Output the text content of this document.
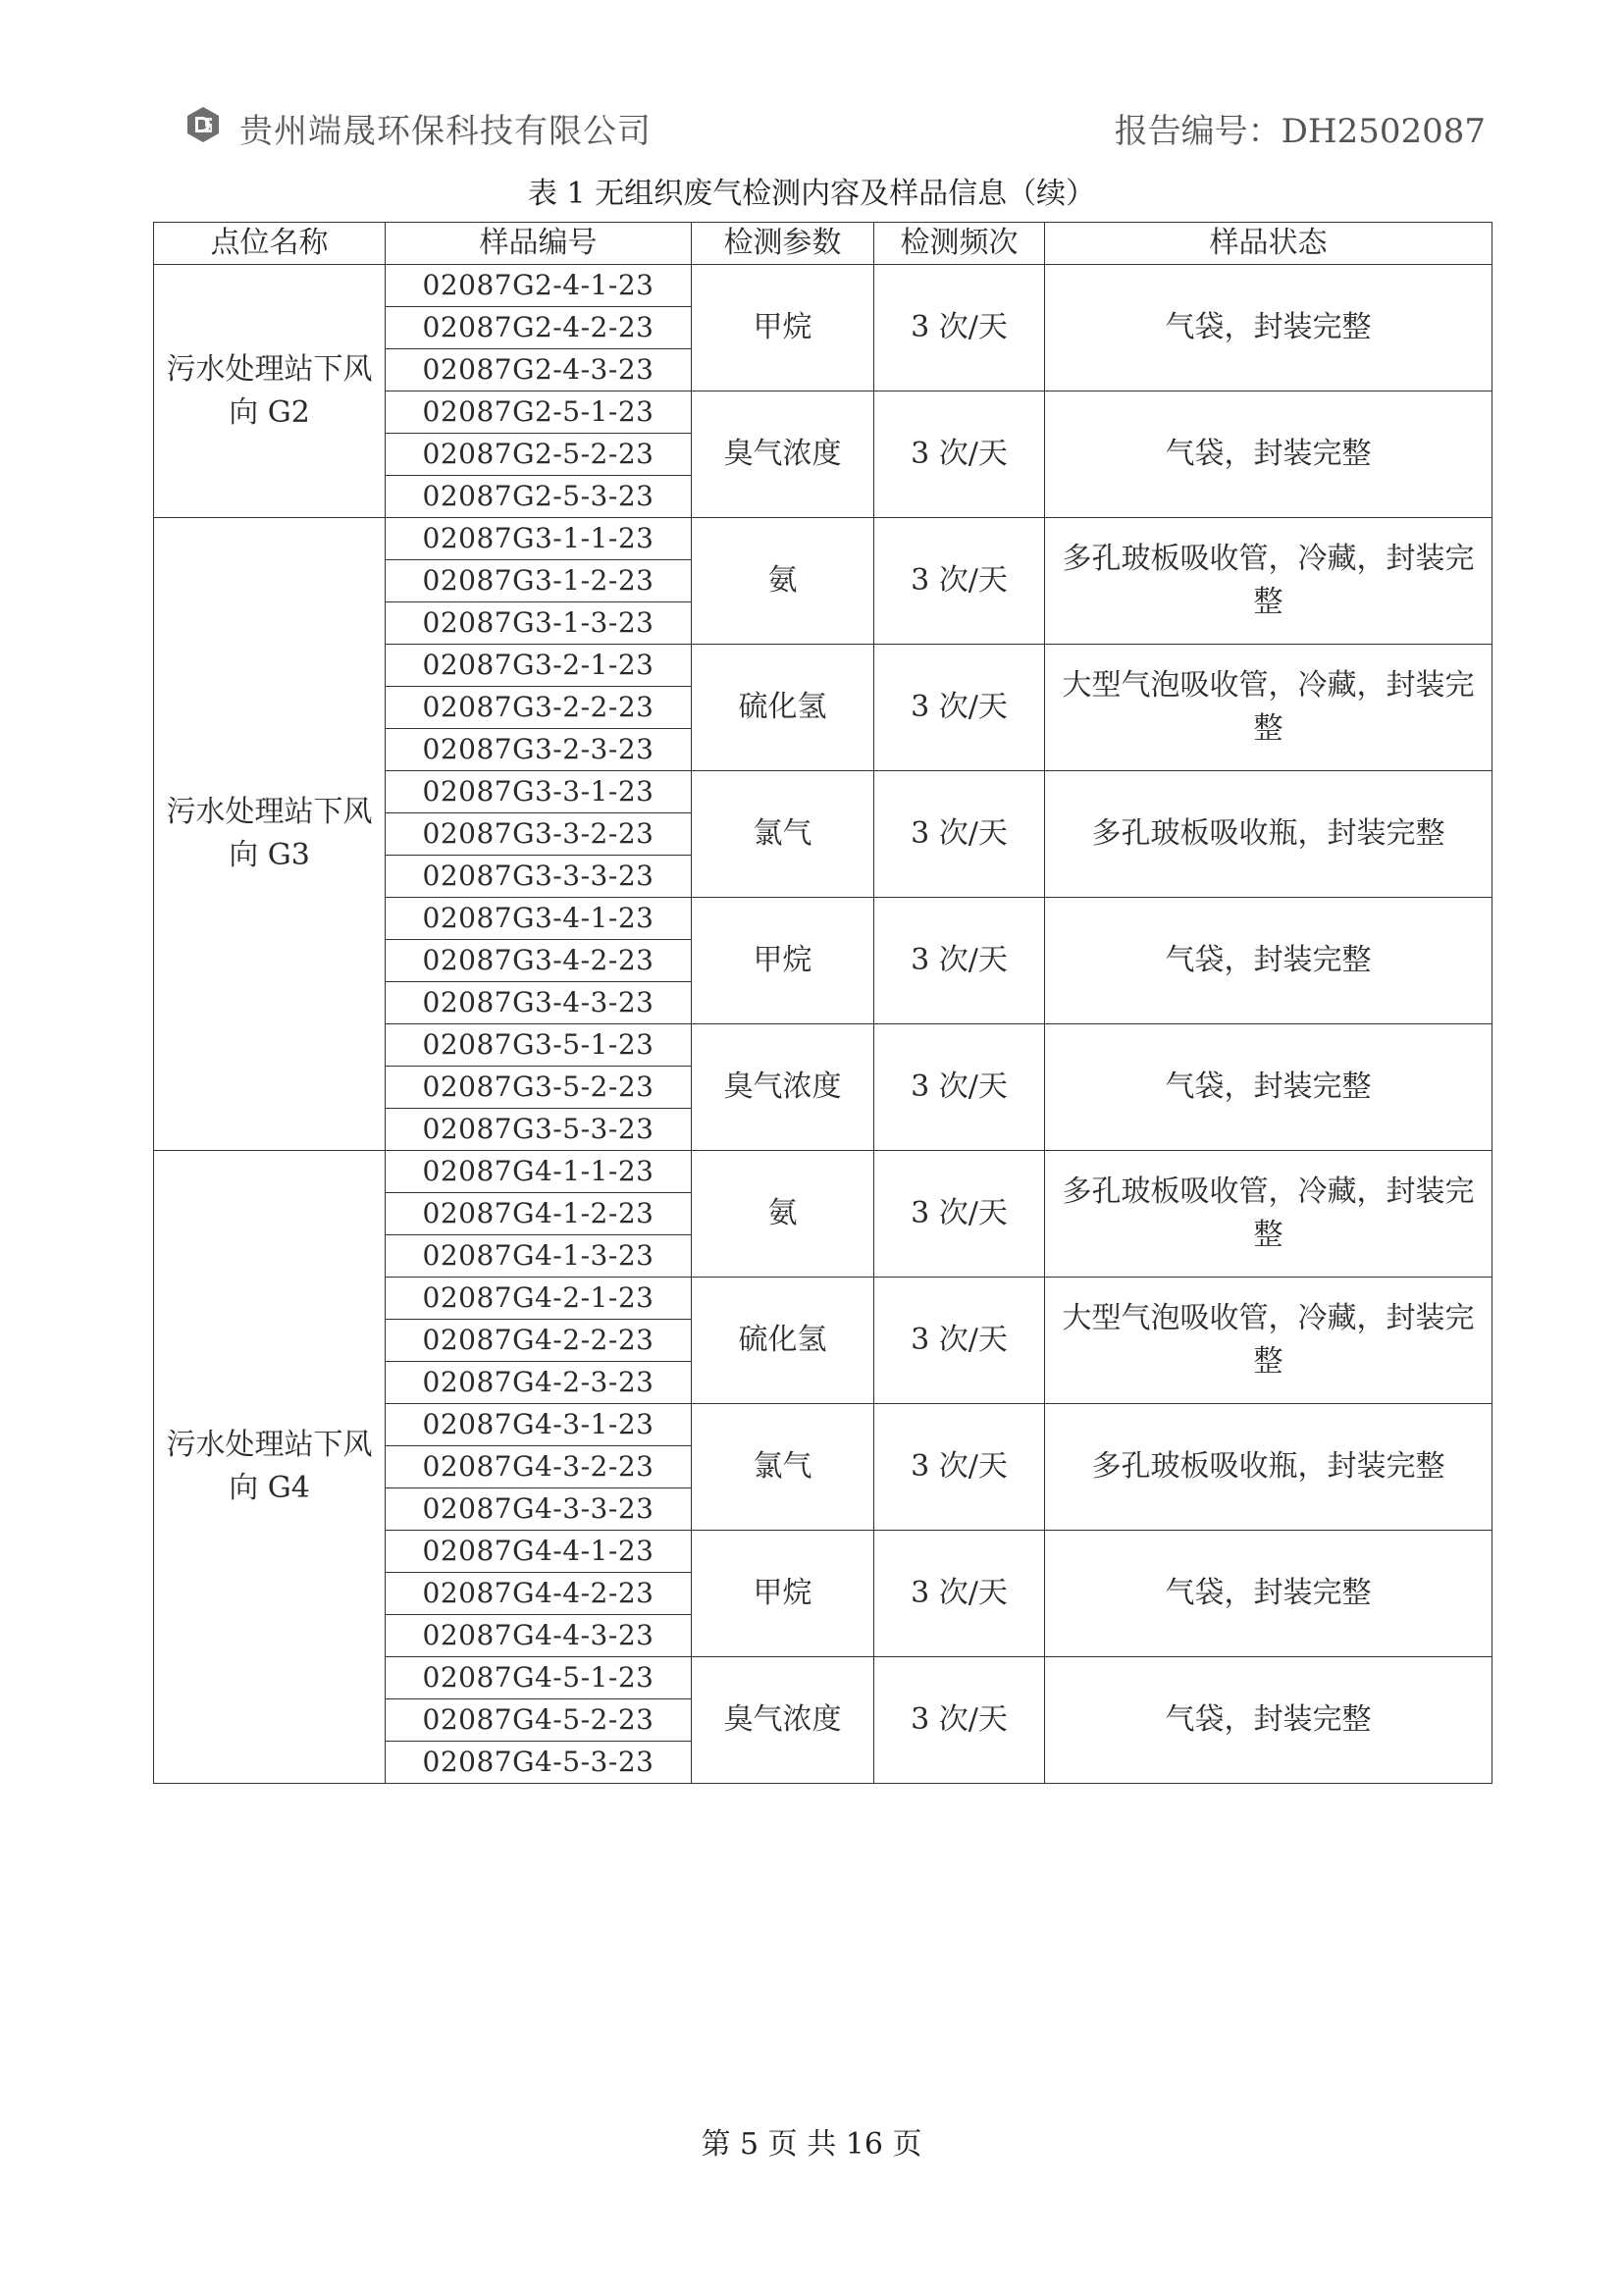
贵州端晟环保科技有限公司	报告编号：DH2502087
表 1 无组织废气检测内容及样品信息（续）
点位名称	样品编号	检测参数	检测频次	样品状态
污水处理站下风向 G2	02087G2-4-1-23	甲烷	3 次/天	气袋，封装完整
	02087G2-4-2-23			
	02087G2-4-3-23			
	02087G2-5-1-23	臭气浓度	3 次/天	气袋，封装完整
	02087G2-5-2-23			
	02087G2-5-3-23			
污水处理站下风向 G3	02087G3-1-1-23	氨	3 次/天	多孔玻板吸收管，冷藏，封装完整
	02087G3-1-2-23			
	02087G3-1-3-23			
	02087G3-2-1-23	硫化氢	3 次/天	大型气泡吸收管，冷藏，封装完整
	02087G3-2-2-23			
	02087G3-2-3-23			
	02087G3-3-1-23	氯气	3 次/天	多孔玻板吸收瓶，封装完整
	02087G3-3-2-23			
	02087G3-3-3-23			
	02087G3-4-1-23	甲烷	3 次/天	气袋，封装完整
	02087G3-4-2-23			
	02087G3-4-3-23			
	02087G3-5-1-23	臭气浓度	3 次/天	气袋，封装完整
	02087G3-5-2-23			
	02087G3-5-3-23			
污水处理站下风向 G4	02087G4-1-1-23	氨	3 次/天	多孔玻板吸收管，冷藏，封装完整
	02087G4-1-2-23			
	02087G4-1-3-23			
	02087G4-2-1-23	硫化氢	3 次/天	大型气泡吸收管，冷藏，封装完整
	02087G4-2-2-23			
	02087G4-2-3-23			
	02087G4-3-1-23	氯气	3 次/天	多孔玻板吸收瓶，封装完整
	02087G4-3-2-23			
	02087G4-3-3-23			
	02087G4-4-1-23	甲烷	3 次/天	气袋，封装完整
	02087G4-4-2-23			
	02087G4-4-3-23			
	02087G4-5-1-23	臭气浓度	3 次/天	气袋，封装完整
	02087G4-5-2-23			
	02087G4-5-3-23			
第 5 页 共 16 页
